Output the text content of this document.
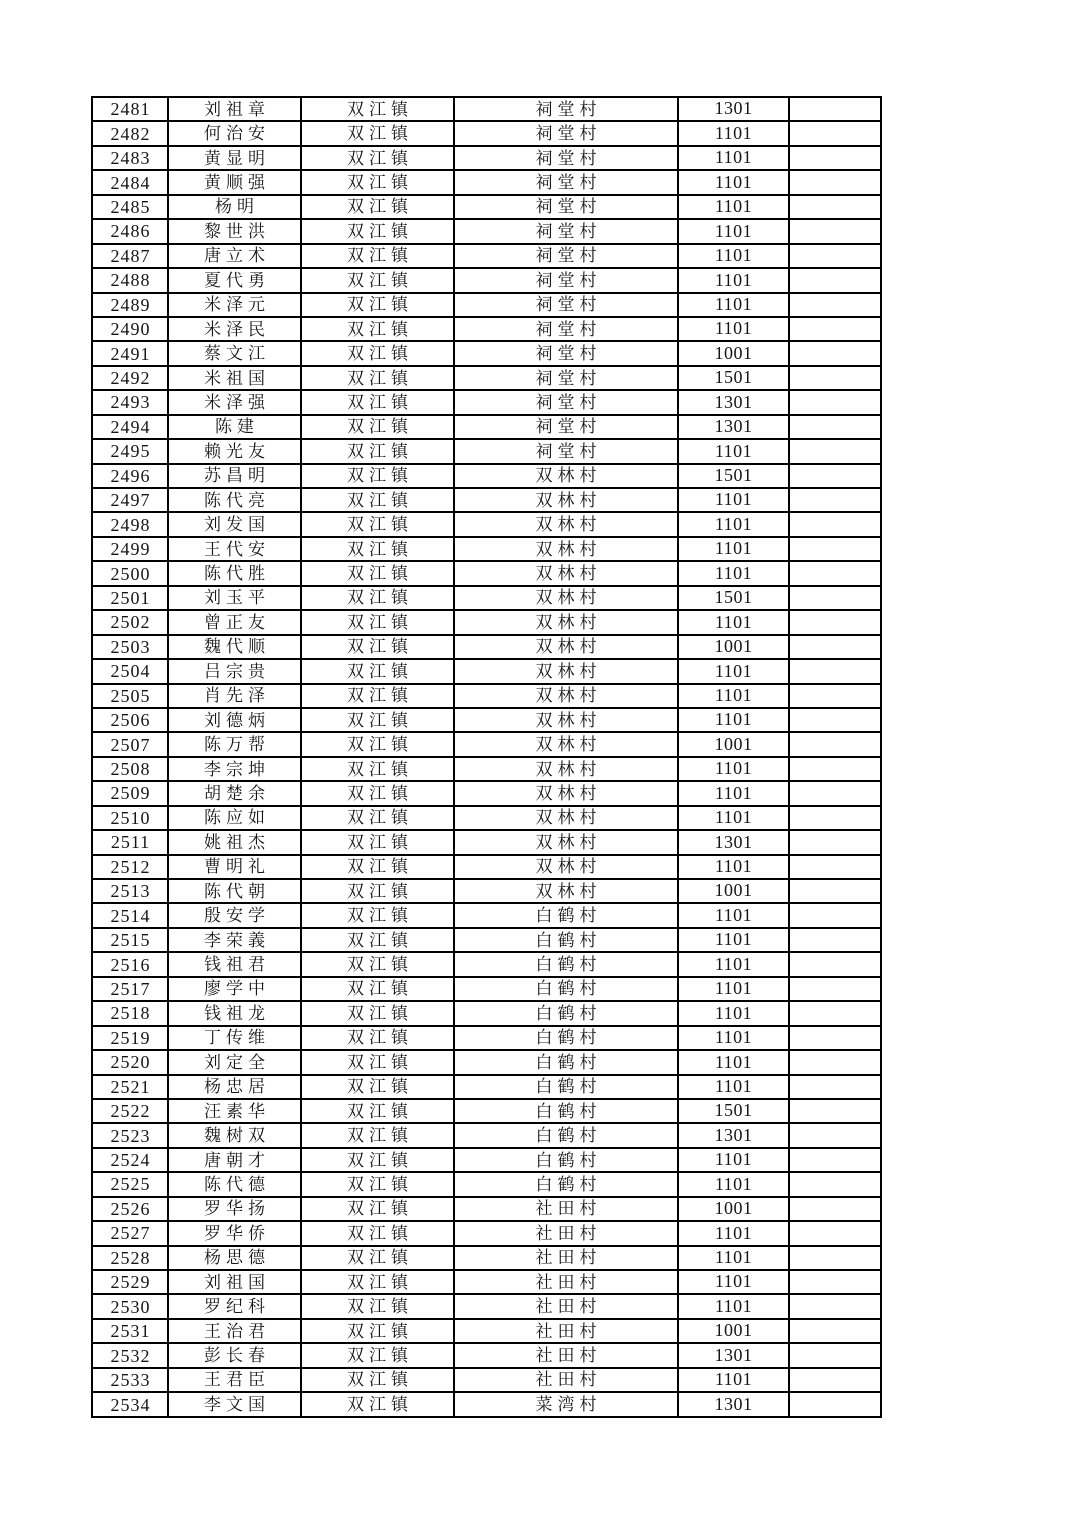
2481	刘祖章	双江镇	祠堂村	1301	
2482	何治安	双江镇	祠堂村	1101	
2483	黄显明	双江镇	祠堂村	1101	
2484	黄顺强	双江镇	祠堂村	1101	
2485	杨明	双江镇	祠堂村	1101	
2486	黎世洪	双江镇	祠堂村	1101	
2487	唐立术	双江镇	祠堂村	1101	
2488	夏代勇	双江镇	祠堂村	1101	
2489	米泽元	双江镇	祠堂村	1101	
2490	米泽民	双江镇	祠堂村	1101	
2491	蔡文江	双江镇	祠堂村	1001	
2492	米祖国	双江镇	祠堂村	1501	
2493	米泽强	双江镇	祠堂村	1301	
2494	陈建	双江镇	祠堂村	1301	
2495	赖光友	双江镇	祠堂村	1101	
2496	苏昌明	双江镇	双林村	1501	
2497	陈代亮	双江镇	双林村	1101	
2498	刘发国	双江镇	双林村	1101	
2499	王代安	双江镇	双林村	1101	
2500	陈代胜	双江镇	双林村	1101	
2501	刘玉平	双江镇	双林村	1501	
2502	曾正友	双江镇	双林村	1101	
2503	魏代顺	双江镇	双林村	1001	
2504	吕宗贵	双江镇	双林村	1101	
2505	肖先泽	双江镇	双林村	1101	
2506	刘德炳	双江镇	双林村	1101	
2507	陈万帮	双江镇	双林村	1001	
2508	李宗坤	双江镇	双林村	1101	
2509	胡楚余	双江镇	双林村	1101	
2510	陈应如	双江镇	双林村	1101	
2511	姚祖杰	双江镇	双林村	1301	
2512	曹明礼	双江镇	双林村	1101	
2513	陈代朝	双江镇	双林村	1001	
2514	殷安学	双江镇	白鹤村	1101	
2515	李荣義	双江镇	白鹤村	1101	
2516	钱祖君	双江镇	白鹤村	1101	
2517	廖学中	双江镇	白鹤村	1101	
2518	钱祖龙	双江镇	白鹤村	1101	
2519	丁传维	双江镇	白鹤村	1101	
2520	刘定全	双江镇	白鹤村	1101	
2521	杨忠居	双江镇	白鹤村	1101	
2522	汪素华	双江镇	白鹤村	1501	
2523	魏树双	双江镇	白鹤村	1301	
2524	唐朝才	双江镇	白鹤村	1101	
2525	陈代德	双江镇	白鹤村	1101	
2526	罗华扬	双江镇	社田村	1001	
2527	罗华侨	双江镇	社田村	1101	
2528	杨思德	双江镇	社田村	1101	
2529	刘祖国	双江镇	社田村	1101	
2530	罗纪科	双江镇	社田村	1101	
2531	王治君	双江镇	社田村	1001	
2532	彭长春	双江镇	社田村	1301	
2533	王君臣	双江镇	社田村	1101	
2534	李文国	双江镇	菜湾村	1301	
